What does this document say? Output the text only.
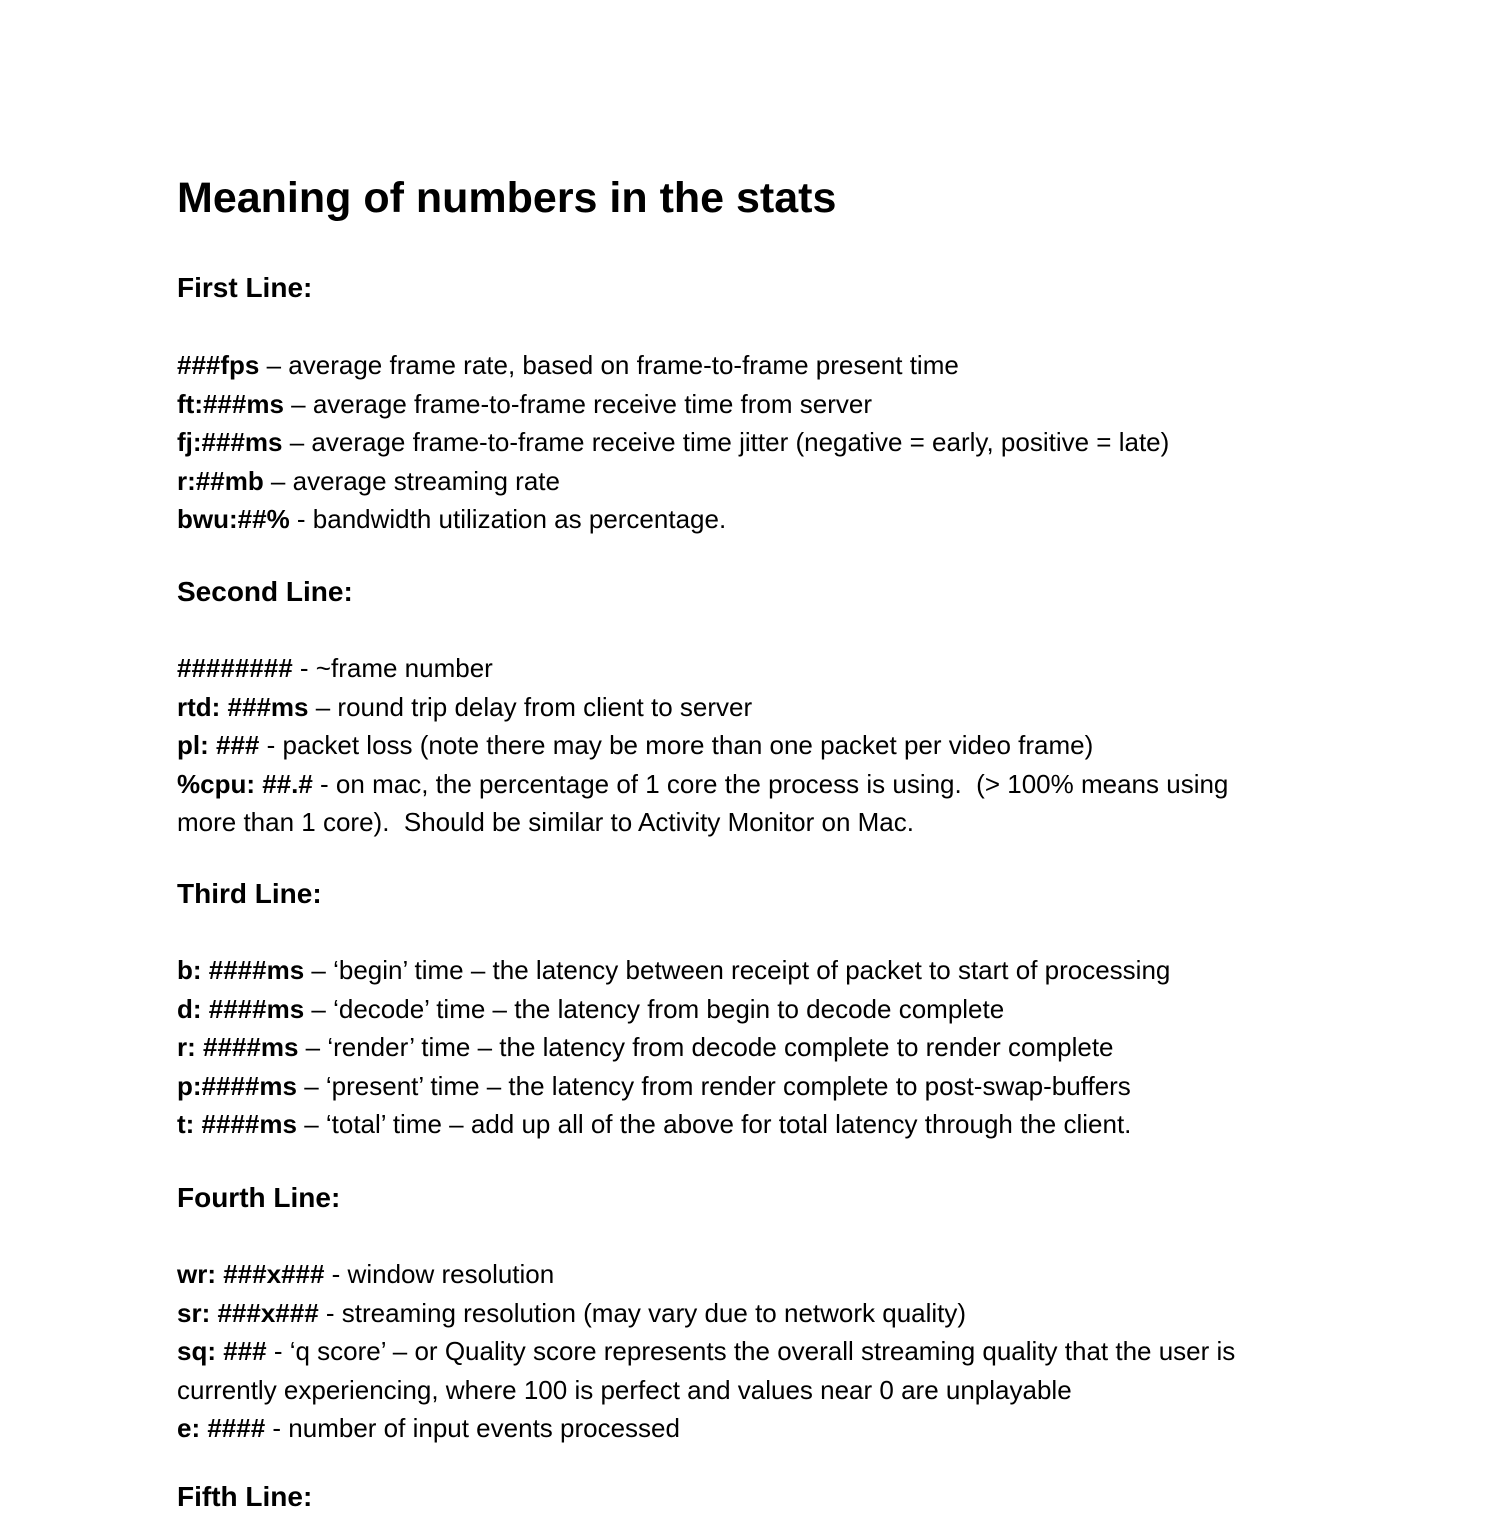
Meaning of numbers in the stats
First Line:
###fps – average frame rate, based on frame-to-frame present time
ft:###ms – average frame-to-frame receive time from server
fj:###ms – average frame-to-frame receive time jitter (negative = early, positive = late)
r:##mb – average streaming rate
bwu:##% - bandwidth utilization as percentage.
Second Line:
######## - ~frame number
rtd: ###ms – round trip delay from client to server
pl: ### - packet loss (note there may be more than one packet per video frame)
%cpu: ##.# - on mac, the percentage of 1 core the process is using.  (> 100% means using
more than 1 core).  Should be similar to Activity Monitor on Mac.
Third Line:
b: ####ms – ‘begin’ time – the latency between receipt of packet to start of processing
d: ####ms – ‘decode’ time – the latency from begin to decode complete
r: ####ms – ‘render’ time – the latency from decode complete to render complete
p:####ms – ‘present’ time – the latency from render complete to post-swap-buffers
t: ####ms – ‘total’ time – add up all of the above for total latency through the client.
Fourth Line:
wr: ###x### - window resolution
sr: ###x### - streaming resolution (may vary due to network quality)
sq: ### - ‘q score’ – or Quality score represents the overall streaming quality that the user is
currently experiencing, where 100 is perfect and values near 0 are unplayable
e: #### - number of input events processed
Fifth Line:
